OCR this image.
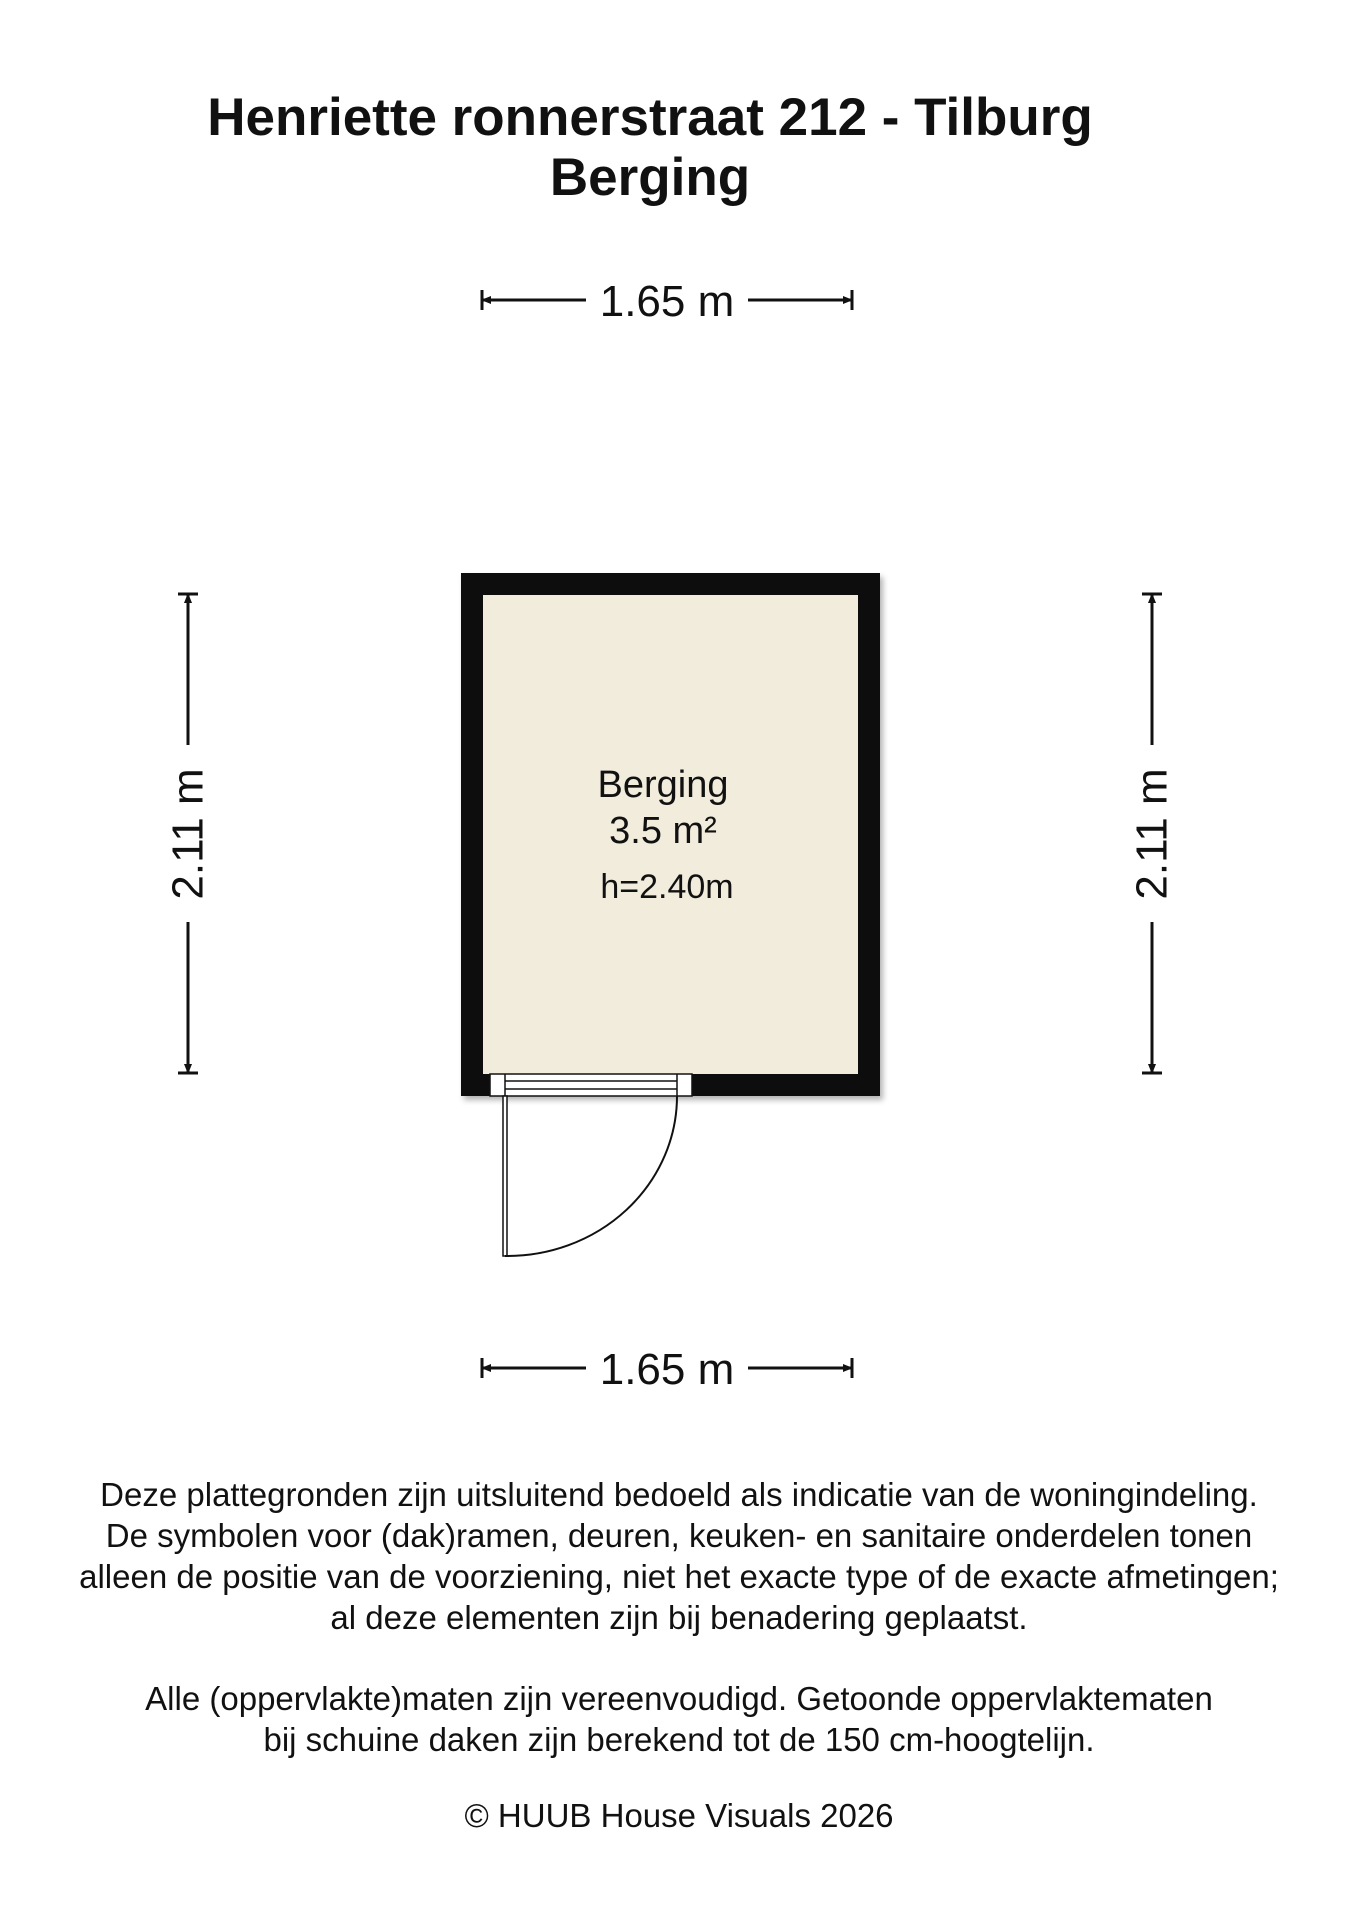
Henriette ronnerstraat 212 - Tilburg
Berging
1.65 m
1.65 m
2.11 m	2.11 m
Berging
3.5 m²
h=2.40m

Deze plattegronden zijn uitsluitend bedoeld als indicatie van de woningindeling.

De symbolen voor (dak)ramen, deuren, keuken- en sanitaire onderdelen tonen

alleen de positie van de voorziening, niet het exacte type of de exacte afmetingen;

al deze elementen zijn bij benadering geplaatst.

Alle (oppervlakte)maten zijn vereenvoudigd. Getoonde oppervlaktematen

bij schuine daken zijn berekend tot de 150 cm-hoogtelijn.

© HUUB House Visuals 2026
